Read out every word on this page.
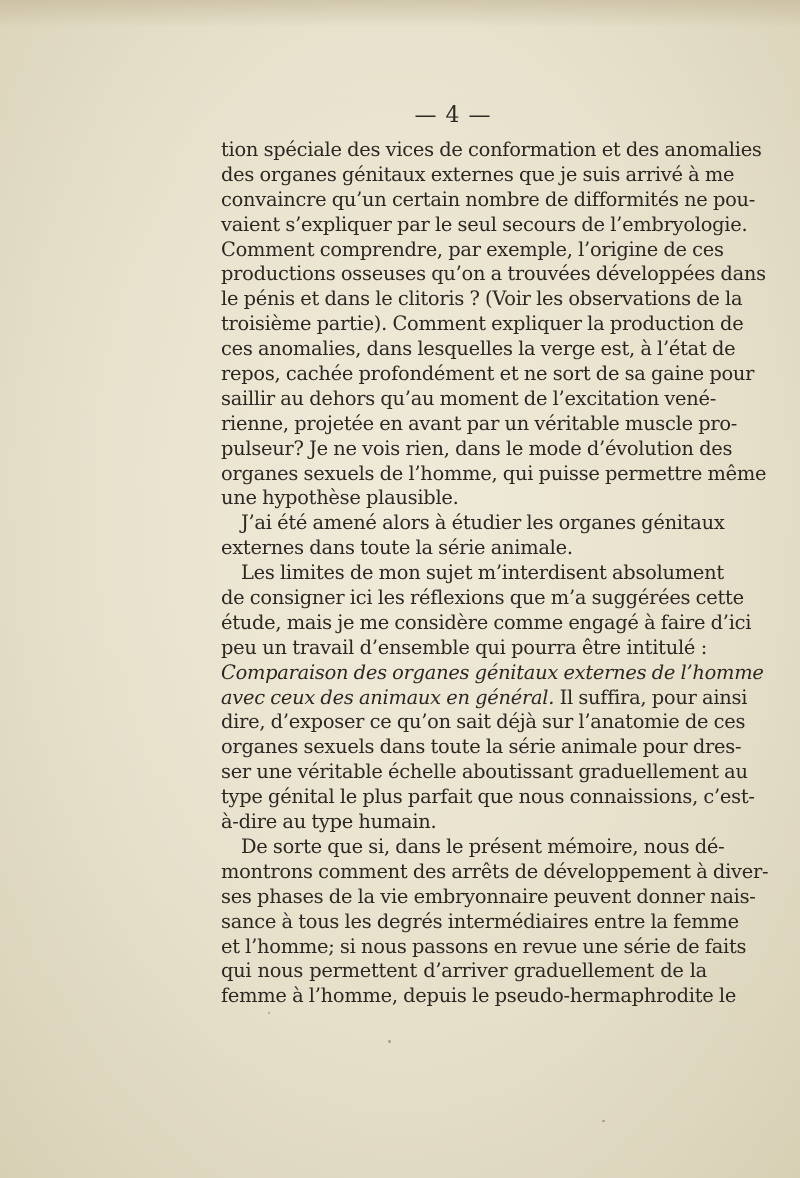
— 4 —
tion spéciale des vices de conformation et des anomalies
des organes génitaux externes que je suis arrivé à me
convaincre qu’un certain nombre de difformités ne pou-
vaient s’expliquer par le seul secours de l’embryologie.
Comment comprendre, par exemple, l’origine de ces
productions osseuses qu’on a trouvées développées dans
le pénis et dans le clitoris ? (Voir les observations de la
troisième partie). Comment expliquer la production de
ces anomalies, dans lesquelles la verge est, à l’état de
repos, cachée profondément et ne sort de sa gaine pour
saillir au dehors qu’au moment de l’excitation vené-
rienne, projetée en avant par un véritable muscle pro-
pulseur? Je ne vois rien, dans le mode d’évolution des
organes sexuels de l’homme, qui puisse permettre même
une hypothèse plausible.
J’ai été amené alors à étudier les organes génitaux
externes dans toute la série animale.
Les limites de mon sujet m’interdisent absolument
de consigner ici les réflexions que m’a suggérées cette
étude, mais je me considère comme engagé à faire d’ici
peu un travail d’ensemble qui pourra être intitulé :
Comparaison des organes génitaux externes de l’homme
avec ceux des animaux en général. Il suffira, pour ainsi
dire, d’exposer ce qu’on sait déjà sur l’anatomie de ces
organes sexuels dans toute la série animale pour dres-
ser une véritable échelle aboutissant graduellement au
type génital le plus parfait que nous connaissions, c’est-
à-dire au type humain.
De sorte que si, dans le présent mémoire, nous dé-
montrons comment des arrêts de développement à diver-
ses phases de la vie embryonnaire peuvent donner nais-
sance à tous les degrés intermédiaires entre la femme
et l’homme; si nous passons en revue une série de faits
qui nous permettent d’arriver graduellement de la
femme à l’homme, depuis le pseudo-hermaphrodite le
